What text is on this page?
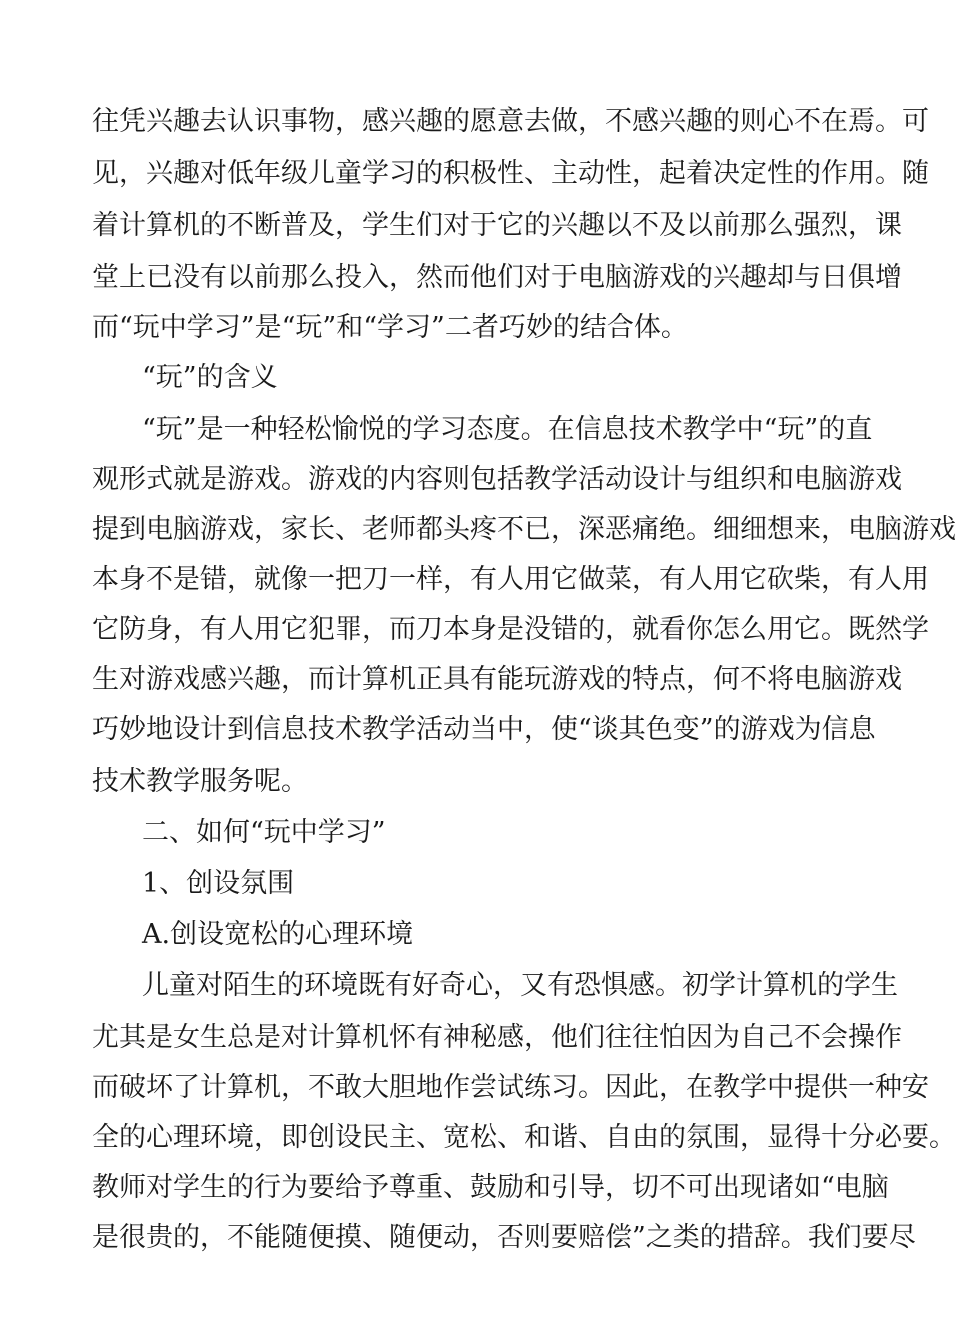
往凭兴趣去认识事物，感兴趣的愿意去做，不感兴趣的则心不在焉。可
见，兴趣对低年级儿童学习的积极性、主动性，起着决定性的作用。随
着计算机的不断普及，学生们对于它的兴趣以不及以前那么强烈，课
堂上已没有以前那么投入，然而他们对于电脑游戏的兴趣却与日俱增
而“玩中学习”是“玩”和“学习”二者巧妙的结合体。
“玩”的含义
“玩”是一种轻松愉悦的学习态度。在信息技术教学中“玩”的直
观形式就是游戏。游戏的内容则包括教学活动设计与组织和电脑游戏
提到电脑游戏，家长、老师都头疼不已，深恶痛绝。细细想来，电脑游戏
本身不是错，就像一把刀一样，有人用它做菜，有人用它砍柴，有人用
它防身，有人用它犯罪，而刀本身是没错的，就看你怎么用它。既然学
生对游戏感兴趣，而计算机正具有能玩游戏的特点，何不将电脑游戏
巧妙地设计到信息技术教学活动当中，使“谈其色变”的游戏为信息
技术教学服务呢。
二、如何“玩中学习”
1、创设氛围
A.创设宽松的心理环境
儿童对陌生的环境既有好奇心，又有恐惧感。初学计算机的学生
尤其是女生总是对计算机怀有神秘感，他们往往怕因为自己不会操作
而破坏了计算机，不敢大胆地作尝试练习。因此，在教学中提供一种安
全的心理环境，即创设民主、宽松、和谐、自由的氛围，显得十分必要。
教师对学生的行为要给予尊重、鼓励和引导，切不可出现诸如“电脑
是很贵的，不能随便摸、随便动，否则要赔偿”之类的措辞。我们要尽
